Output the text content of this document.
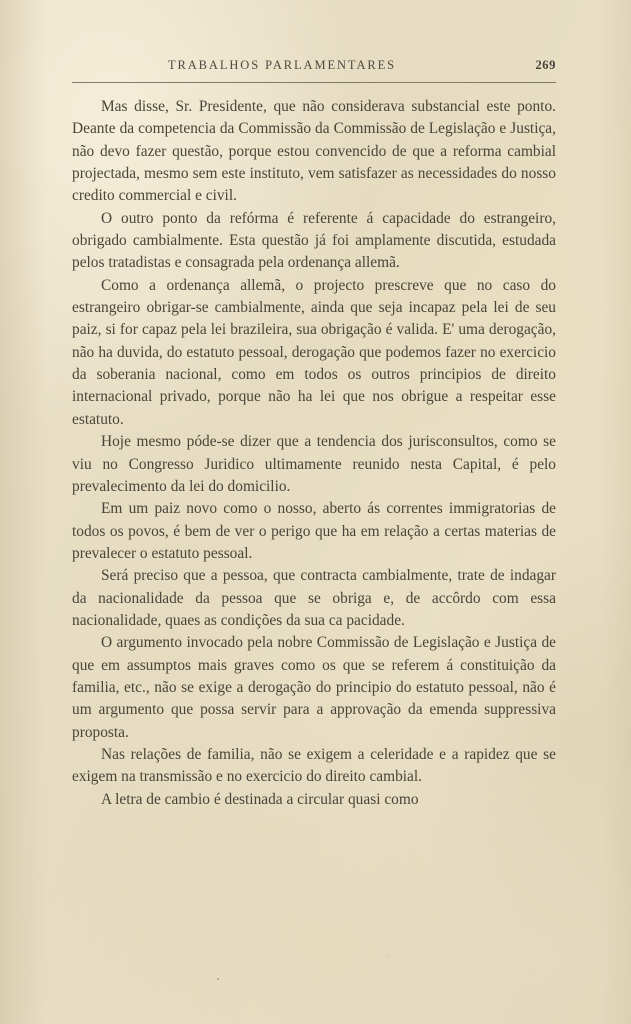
TRABALHOS PARLAMENTARES	269

Mas disse, Sr. Presidente, que não considerava substancial este ponto. Deante da competencia da Commissão da Commissão de Legislação e Justiça, não devo fazer questão, porque estou convencido de que a reforma cambial projectada, mesmo sem este instituto, vem satisfazer as necessidades do nosso credito commercial e civil.

O outro ponto da refórma é referente á capacidade do estrangeiro, obrigado cambialmente. Esta questão já foi amplamente discutida, estudada pelos tratadistas e consagrada pela ordenança allemã.

Como a ordenança allemã, o projecto prescreve que no caso do estrangeiro obrigar-se cambialmente, ainda que seja incapaz pela lei de seu paiz, si for capaz pela lei brazileira, sua obrigação é valida. E' uma derogação, não ha duvida, do estatuto pessoal, derogação que podemos fazer no exercicio da soberania nacional, como em todos os outros principios de direito internacional privado, porque não ha lei que nos obrigue a respeitar esse estatuto.

Hoje mesmo póde-se dizer que a tendencia dos jurisconsultos, como se viu no Congresso Juridico ultimamente reunido nesta Capital, é pelo prevalecimento da lei do domicilio.

Em um paiz novo como o nosso, aberto ás correntes immigratorias de todos os povos, é bem de ver o perigo que ha em relação a certas materias de prevalecer o estatuto pessoal.

Será preciso que a pessoa, que contracta cambialmente, trate de indagar da nacionalidade da pessoa que se obriga e, de accôrdo com essa nacionalidade, quaes as condições da sua ca pacidade.

O argumento invocado pela nobre Commissão de Legislação e Justiça de que em assumptos mais graves como os que se referem á constituição da familia, etc., não se exige a derogação do principio do estatuto pessoal, não é um argumento que possa servir para a approvação da emenda suppressiva proposta.

Nas relações de familia, não se exigem a celeridade e a rapidez que se exigem na transmissão e no exercicio do direito cambial.

A letra de cambio é destinada a circular quasi como
